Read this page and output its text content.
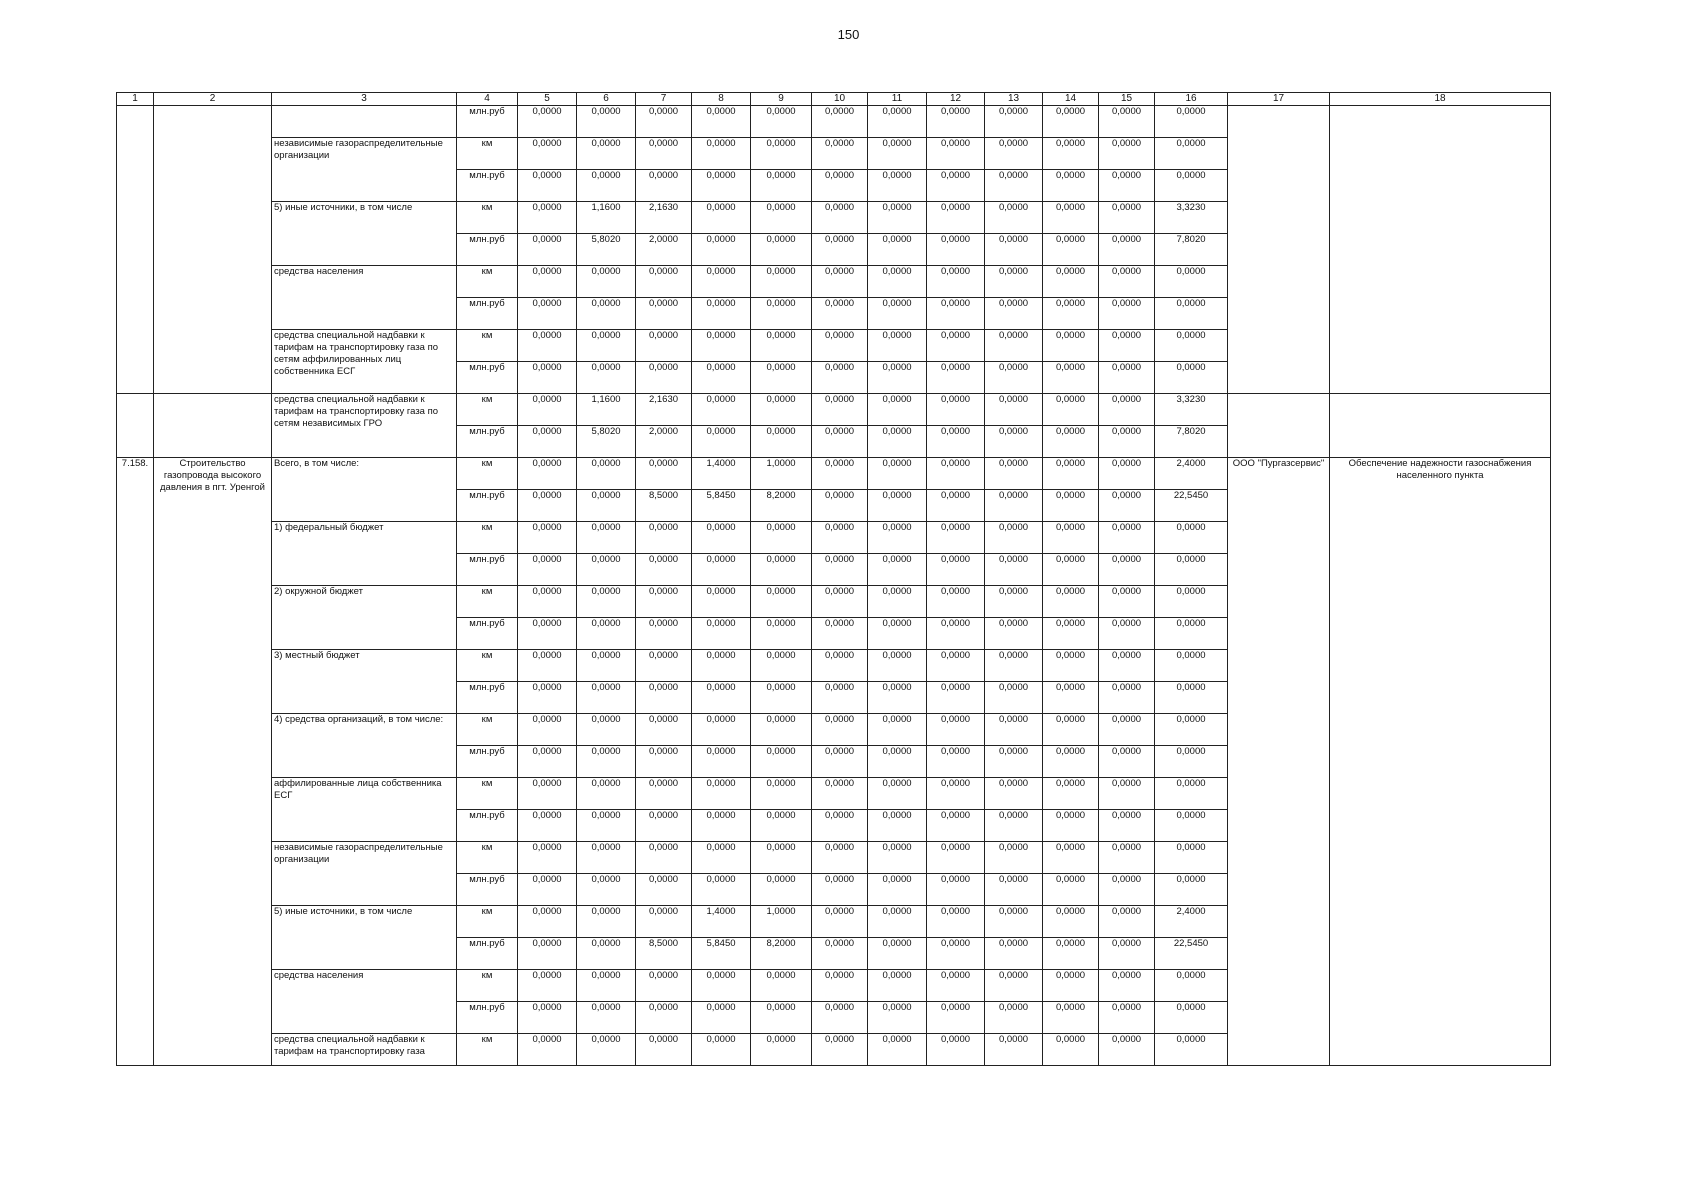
150
1	2	3	4	5	6	7	8	9	10	11	12	13	14	15	16	17	18
			млн.руб	0,0000	0,0000	0,0000	0,0000	0,0000	0,0000	0,0000	0,0000	0,0000	0,0000	0,0000	0,0000		
		независимые газораспределительные организации	км	0,0000	0,0000	0,0000	0,0000	0,0000	0,0000	0,0000	0,0000	0,0000	0,0000	0,0000	0,0000		
			млн.руб	0,0000	0,0000	0,0000	0,0000	0,0000	0,0000	0,0000	0,0000	0,0000	0,0000	0,0000	0,0000		
		5) иные источники, в том числе	км	0,0000	1,1600	2,1630	0,0000	0,0000	0,0000	0,0000	0,0000	0,0000	0,0000	0,0000	3,3230		
			млн.руб	0,0000	5,8020	2,0000	0,0000	0,0000	0,0000	0,0000	0,0000	0,0000	0,0000	0,0000	7,8020		
		средства населения	км	0,0000	0,0000	0,0000	0,0000	0,0000	0,0000	0,0000	0,0000	0,0000	0,0000	0,0000	0,0000		
			млн.руб	0,0000	0,0000	0,0000	0,0000	0,0000	0,0000	0,0000	0,0000	0,0000	0,0000	0,0000	0,0000		
		средства специальной надбавки к тарифам на транспортировку газа по сетям аффилированных лиц собственника ЕСГ	км	0,0000	0,0000	0,0000	0,0000	0,0000	0,0000	0,0000	0,0000	0,0000	0,0000	0,0000	0,0000		
			млн.руб	0,0000	0,0000	0,0000	0,0000	0,0000	0,0000	0,0000	0,0000	0,0000	0,0000	0,0000	0,0000		
		средства специальной надбавки к тарифам на транспортировку газа по сетям независимых ГРО	км	0,0000	1,1600	2,1630	0,0000	0,0000	0,0000	0,0000	0,0000	0,0000	0,0000	0,0000	3,3230		
			млн.руб	0,0000	5,8020	2,0000	0,0000	0,0000	0,0000	0,0000	0,0000	0,0000	0,0000	0,0000	7,8020		
7.158.	Строительство газопровода высокого давления в пгт. Уренгой	Всего, в том числе:	км	0,0000	0,0000	0,0000	1,4000	1,0000	0,0000	0,0000	0,0000	0,0000	0,0000	0,0000	2,4000	ООО "Пургазсервис"	Обеспечение надежности газоснабжения населенного пункта
			млн.руб	0,0000	0,0000	8,5000	5,8450	8,2000	0,0000	0,0000	0,0000	0,0000	0,0000	0,0000	22,5450		
		1) федеральный бюджет	км	0,0000	0,0000	0,0000	0,0000	0,0000	0,0000	0,0000	0,0000	0,0000	0,0000	0,0000	0,0000		
			млн.руб	0,0000	0,0000	0,0000	0,0000	0,0000	0,0000	0,0000	0,0000	0,0000	0,0000	0,0000	0,0000		
		2) окружной бюджет	км	0,0000	0,0000	0,0000	0,0000	0,0000	0,0000	0,0000	0,0000	0,0000	0,0000	0,0000	0,0000		
			млн.руб	0,0000	0,0000	0,0000	0,0000	0,0000	0,0000	0,0000	0,0000	0,0000	0,0000	0,0000	0,0000		
		3) местный бюджет	км	0,0000	0,0000	0,0000	0,0000	0,0000	0,0000	0,0000	0,0000	0,0000	0,0000	0,0000	0,0000		
			млн.руб	0,0000	0,0000	0,0000	0,0000	0,0000	0,0000	0,0000	0,0000	0,0000	0,0000	0,0000	0,0000		
		4) средства организаций, в том числе:	км	0,0000	0,0000	0,0000	0,0000	0,0000	0,0000	0,0000	0,0000	0,0000	0,0000	0,0000	0,0000		
			млн.руб	0,0000	0,0000	0,0000	0,0000	0,0000	0,0000	0,0000	0,0000	0,0000	0,0000	0,0000	0,0000		
		аффилированные лица собственника ЕСГ	км	0,0000	0,0000	0,0000	0,0000	0,0000	0,0000	0,0000	0,0000	0,0000	0,0000	0,0000	0,0000		
			млн.руб	0,0000	0,0000	0,0000	0,0000	0,0000	0,0000	0,0000	0,0000	0,0000	0,0000	0,0000	0,0000		
		независимые газораспределительные организации	км	0,0000	0,0000	0,0000	0,0000	0,0000	0,0000	0,0000	0,0000	0,0000	0,0000	0,0000	0,0000		
			млн.руб	0,0000	0,0000	0,0000	0,0000	0,0000	0,0000	0,0000	0,0000	0,0000	0,0000	0,0000	0,0000		
		5) иные источники, в том числе	км	0,0000	0,0000	0,0000	1,4000	1,0000	0,0000	0,0000	0,0000	0,0000	0,0000	0,0000	2,4000		
			млн.руб	0,0000	0,0000	8,5000	5,8450	8,2000	0,0000	0,0000	0,0000	0,0000	0,0000	0,0000	22,5450		
		средства населения	км	0,0000	0,0000	0,0000	0,0000	0,0000	0,0000	0,0000	0,0000	0,0000	0,0000	0,0000	0,0000		
			млн.руб	0,0000	0,0000	0,0000	0,0000	0,0000	0,0000	0,0000	0,0000	0,0000	0,0000	0,0000	0,0000		
		средства специальной надбавки к тарифам на транспортировку газа	км	0,0000	0,0000	0,0000	0,0000	0,0000	0,0000	0,0000	0,0000	0,0000	0,0000	0,0000	0,0000		
